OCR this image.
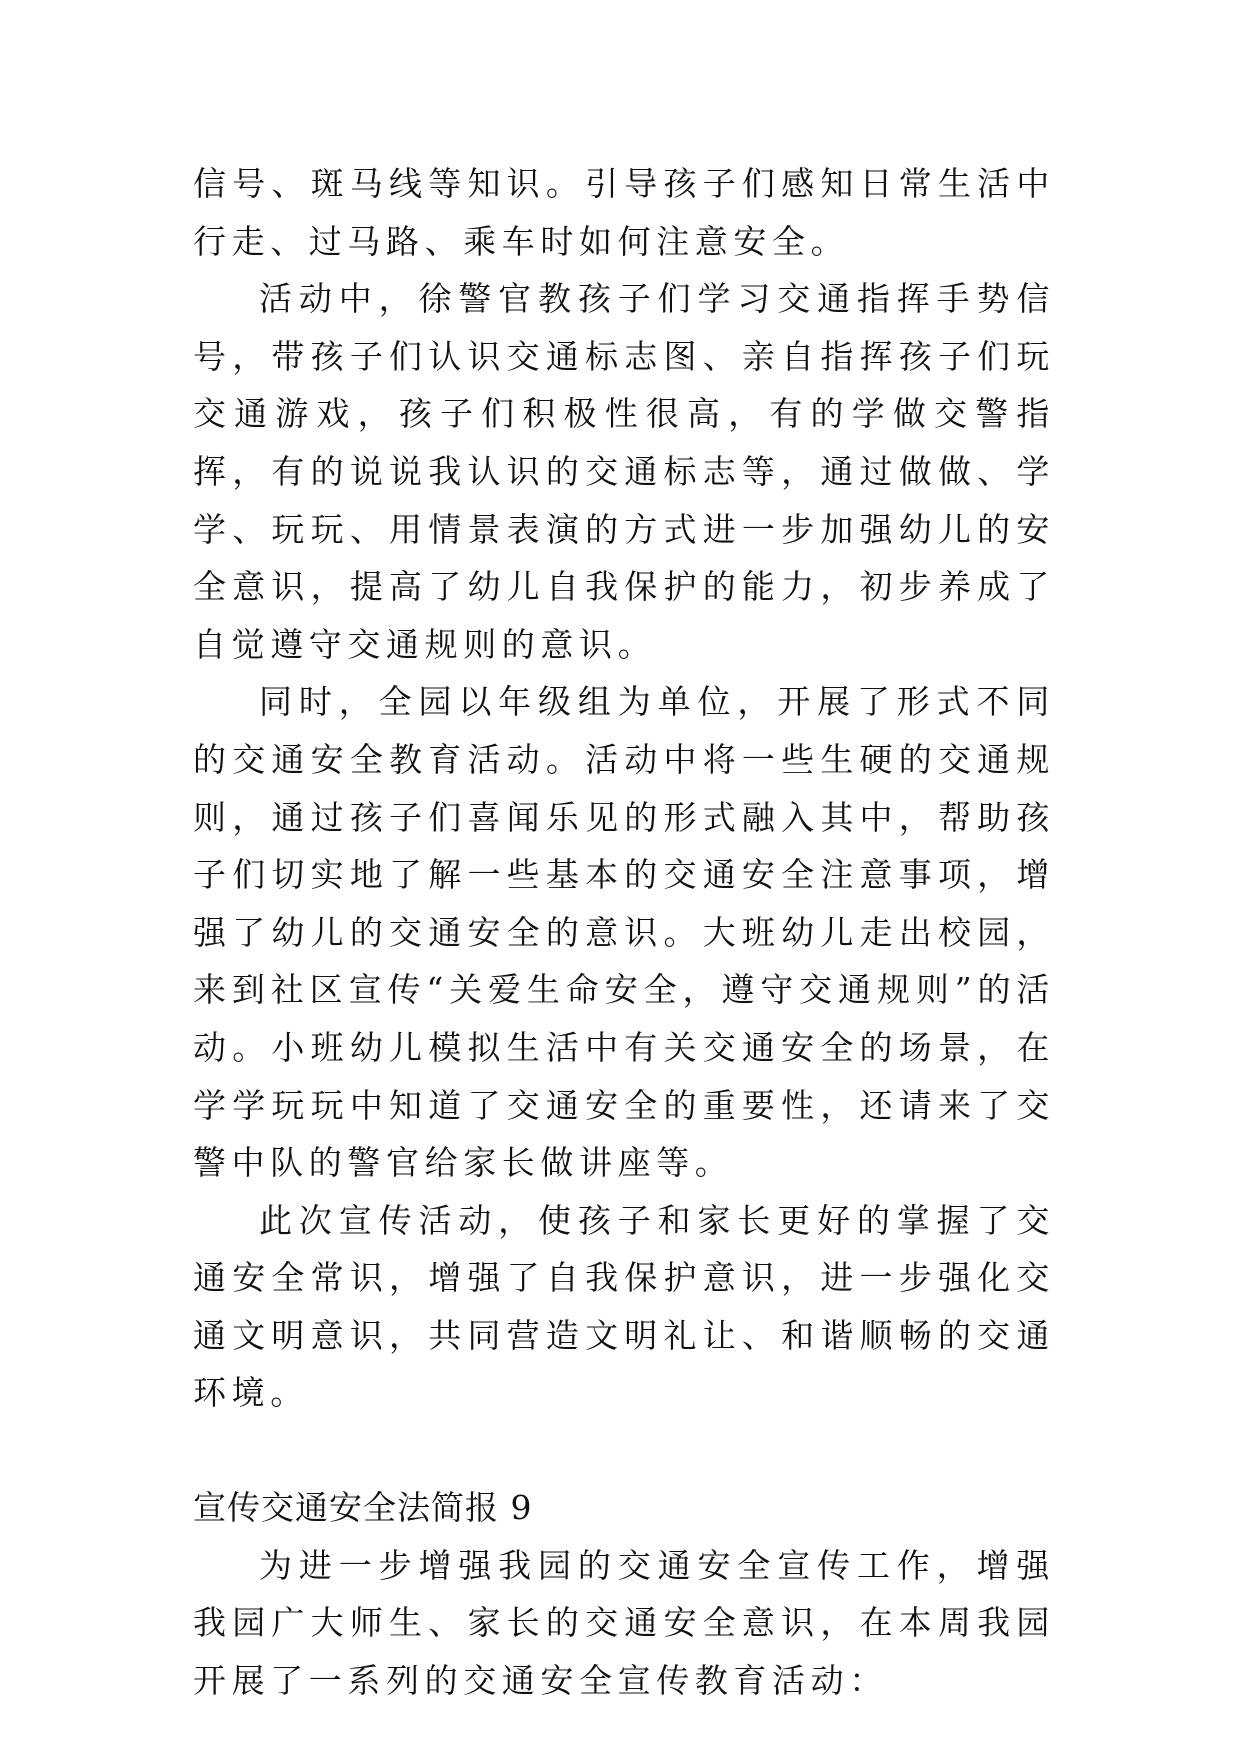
信号、斑马线等知识。引导孩子们感知日常生活中行走、过马路、乘车时如何注意安全。

活动中，徐警官教孩子们学习交通指挥手势信号，带孩子们认识交通标志图、亲自指挥孩子们玩交通游戏，孩子们积极性很高，有的学做交警指挥，有的说说我认识的交通标志等，通过做做、学学、玩玩、用情景表演的方式进一步加强幼儿的安全意识，提高了幼儿自我保护的能力，初步养成了自觉遵守交通规则的意识。

同时，全园以年级组为单位，开展了形式不同的交通安全教育活动。活动中将一些生硬的交通规则，通过孩子们喜闻乐见的形式融入其中，帮助孩子们切实地了解一些基本的交通安全注意事项，增强了幼儿的交通安全的意识。大班幼儿走出校园，来到社区宣传“关爱生命安全，遵守交通规则”的活动。小班幼儿模拟生活中有关交通安全的场景，在学学玩玩中知道了交通安全的重要性，还请来了交警中队的警官给家长做讲座等。

此次宣传活动，使孩子和家长更好的掌握了交通安全常识，增强了自我保护意识，进一步强化交通文明意识，共同营造文明礼让、和谐顺畅的交通环境。

宣传交通安全法简报 9

为进一步增强我园的交通安全宣传工作，增强我园广大师生、家长的交通安全意识，在本周我园开展了一系列的交通安全宣传教育活动：
